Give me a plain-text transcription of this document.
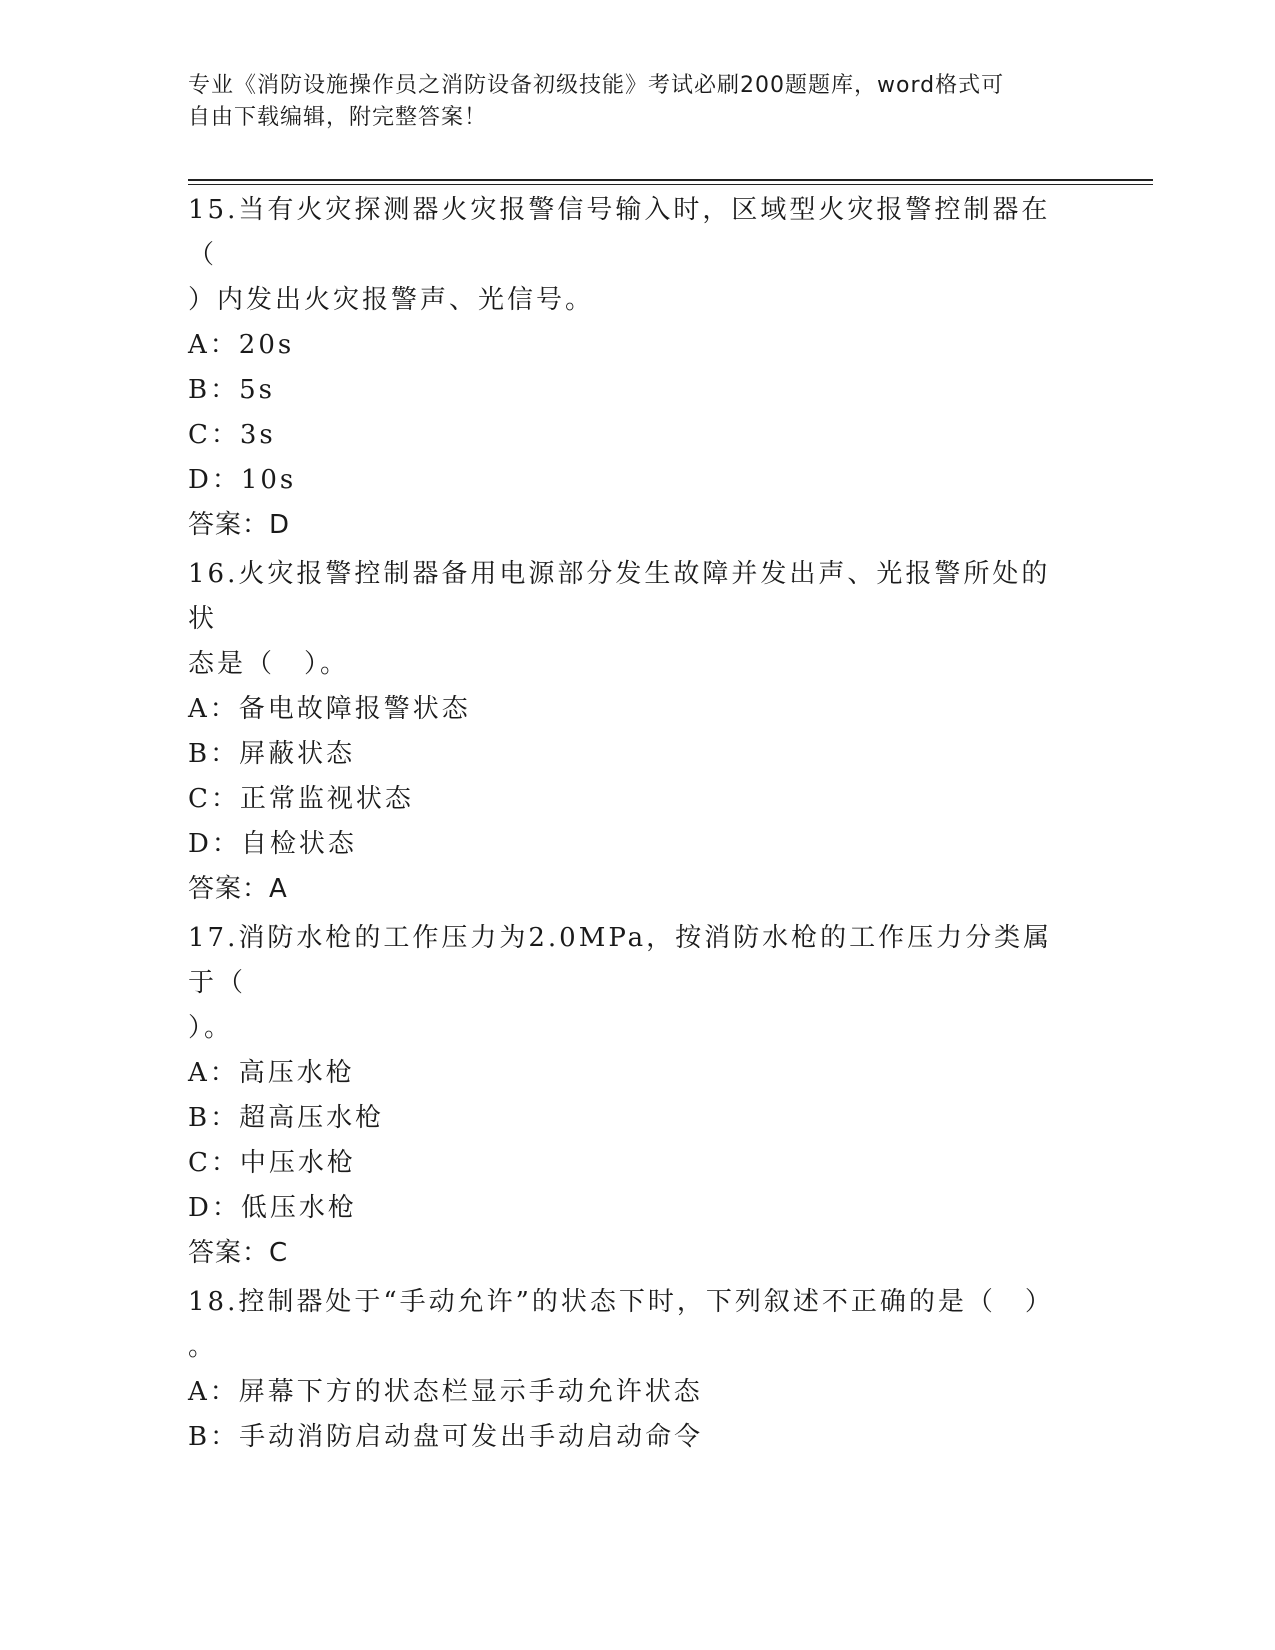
专业《消防设施操作员之消防设备初级技能》考试必刷200题题库，word格式可
自由下载编辑，附完整答案！
15.当有火灾探测器火灾报警信号输入时，区域型火灾报警控制器在（
）内发出火灾报警声、光信号。
A：20s
B：5s
C：3s
D：10s
答案：D
16.火灾报警控制器备用电源部分发生故障并发出声、光报警所处的状
态是（　）。
A：备电故障报警状态
B：屏蔽状态
C：正常监视状态
D：自检状态
答案：A
17.消防水枪的工作压力为2.0MPa，按消防水枪的工作压力分类属于（
）。
A：高压水枪
B：超高压水枪
C：中压水枪
D：低压水枪
答案：C
18.控制器处于“手动允许”的状态下时，下列叙述不正确的是（　）
。
A：屏幕下方的状态栏显示手动允许状态
B：手动消防启动盘可发出手动启动命令
